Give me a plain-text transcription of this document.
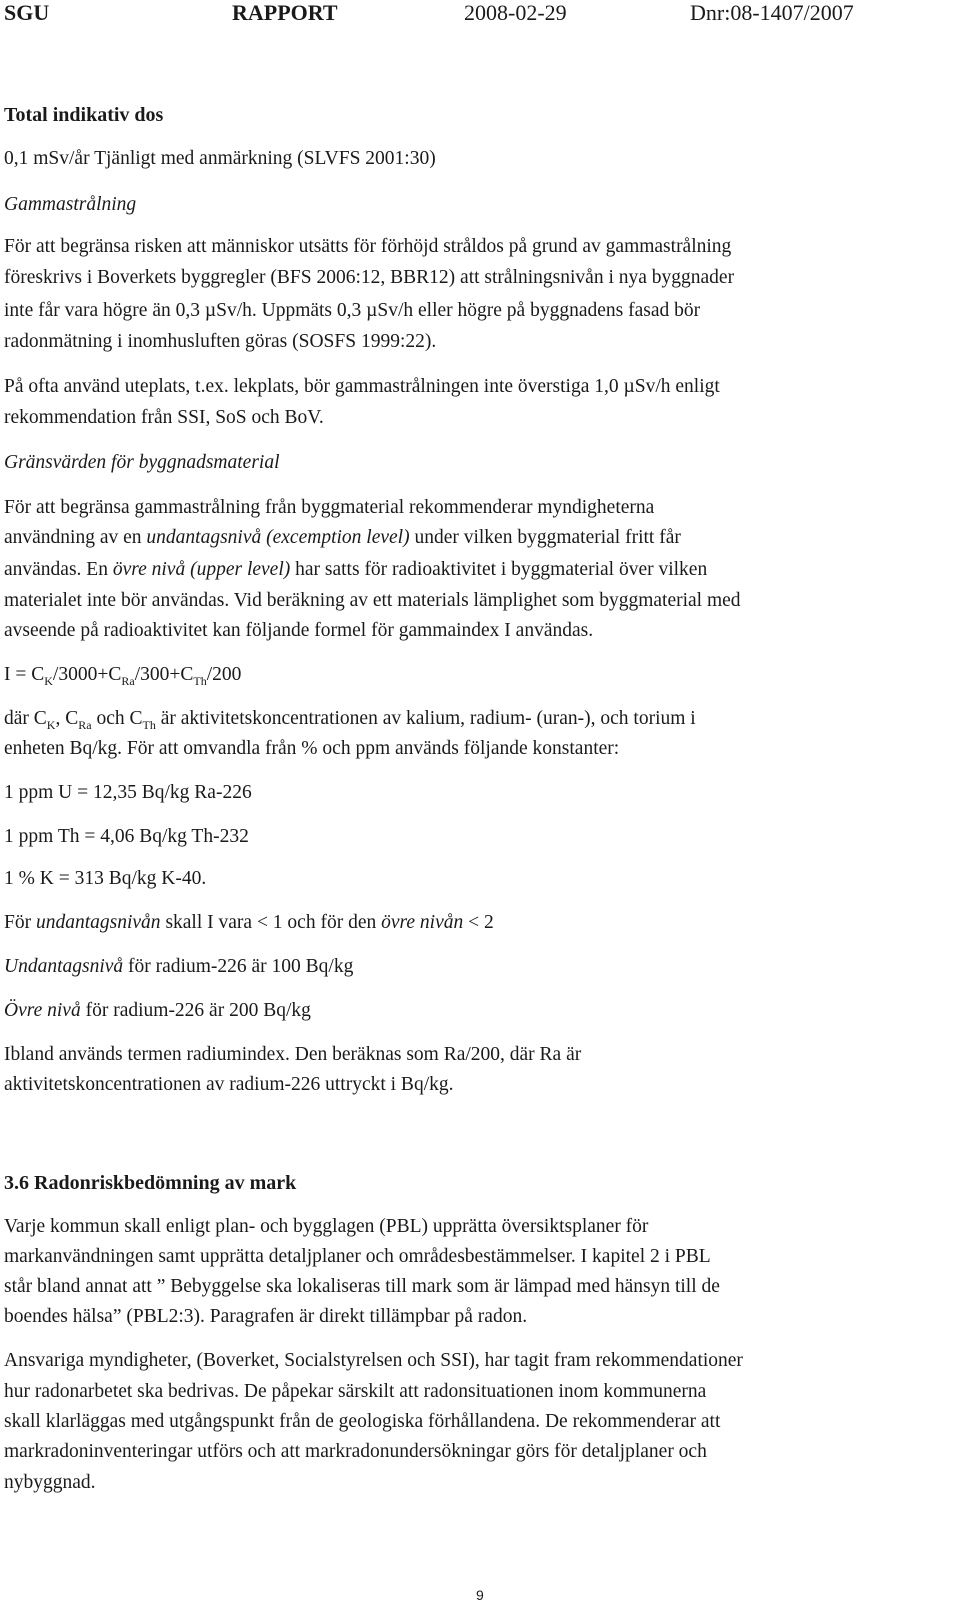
SGU	RAPPORT	2008-02-29	Dnr:08-1407/2007
Total indikativ dos
0,1 mSv/år Tjänligt med anmärkning (SLVFS 2001:30)
Gammastrålning
För att begränsa risken att människor utsätts för förhöjd stråldos på grund av gammastrålning
föreskrivs i Boverkets byggregler (BFS 2006:12, BBR12) att strålningsnivån i nya byggnader
inte får vara högre än 0,3 µSv/h. Uppmäts 0,3 µSv/h eller högre på byggnadens fasad bör
radonmätning i inomhusluften göras (SOSFS 1999:22).
På ofta använd uteplats, t.ex. lekplats, bör gammastrålningen inte överstiga 1,0 µSv/h enligt
rekommendation från SSI, SoS och BoV.
Gränsvärden för byggnadsmaterial
För att begränsa gammastrålning från byggmaterial rekommenderar myndigheterna
användning av en undantagsnivå (excemption level) under vilken byggmaterial fritt får
användas. En övre nivå (upper level) har satts för radioaktivitet i byggmaterial över vilken
materialet inte bör användas. Vid beräkning av ett materials lämplighet som byggmaterial med
avseende på radioaktivitet kan följande formel för gammaindex I användas.
$I = C_K/3000+C_{Ra}/300+C_{Th}/200$
där $C_K$, $C_{Ra}$ och $C_{Th}$ är aktivitetskoncentrationen av kalium, radium- (uran-), och torium i
enheten Bq/kg. För att omvandla från % och ppm används följande konstanter:
1 ppm U = 12,35 Bq/kg Ra-226
1 ppm Th = 4,06 Bq/kg Th-232
1 % K = 313 Bq/kg K-40.
För undantagsnivån skall I vara < 1 och för den övre nivån < 2
Undantagsnivå för radium-226 är 100 Bq/kg
Övre nivå för radium-226 är 200 Bq/kg
Ibland används termen radiumindex. Den beräknas som Ra/200, där Ra är
aktivitetskoncentrationen av radium-226 uttryckt i Bq/kg.
3.6 Radonriskbedömning av mark
Varje kommun skall enligt plan- och bygglagen (PBL) upprätta översiktsplaner för
markanvändningen samt upprätta detaljplaner och områdesbestämmelser. I kapitel 2 i PBL
står bland annat att ” Bebyggelse ska lokaliseras till mark som är lämpad med hänsyn till de
boendes hälsa” (PBL2:3). Paragrafen är direkt tillämpbar på radon.
Ansvariga myndigheter, (Boverket, Socialstyrelsen och SSI), har tagit fram rekommendationer
hur radonarbetet ska bedrivas. De påpekar särskilt att radonsituationen inom kommunerna
skall klarläggas med utgångspunkt från de geologiska förhållandena. De rekommenderar att
markradoninventeringar utförs och att markradonundersökningar görs för detaljplaner och
nybyggnad.
9
